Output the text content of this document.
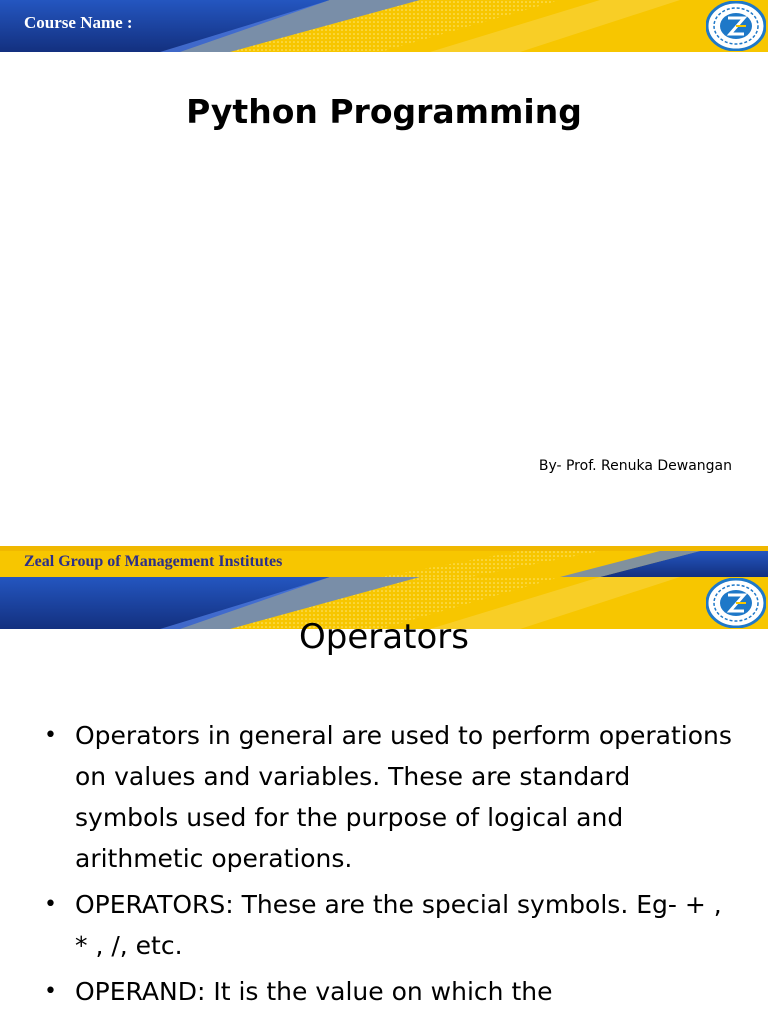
Course Name :
Python Programming
By- Prof. Renuka Dewangan
Zeal Group of Management Institutes
Operators
• Operators in general are used to perform operations on values and variables. These are standard symbols used for the purpose of logical and arithmetic operations.
• OPERATORS: These are the special symbols. Eg- + , * , /, etc.
• OPERAND: It is the value on which the
